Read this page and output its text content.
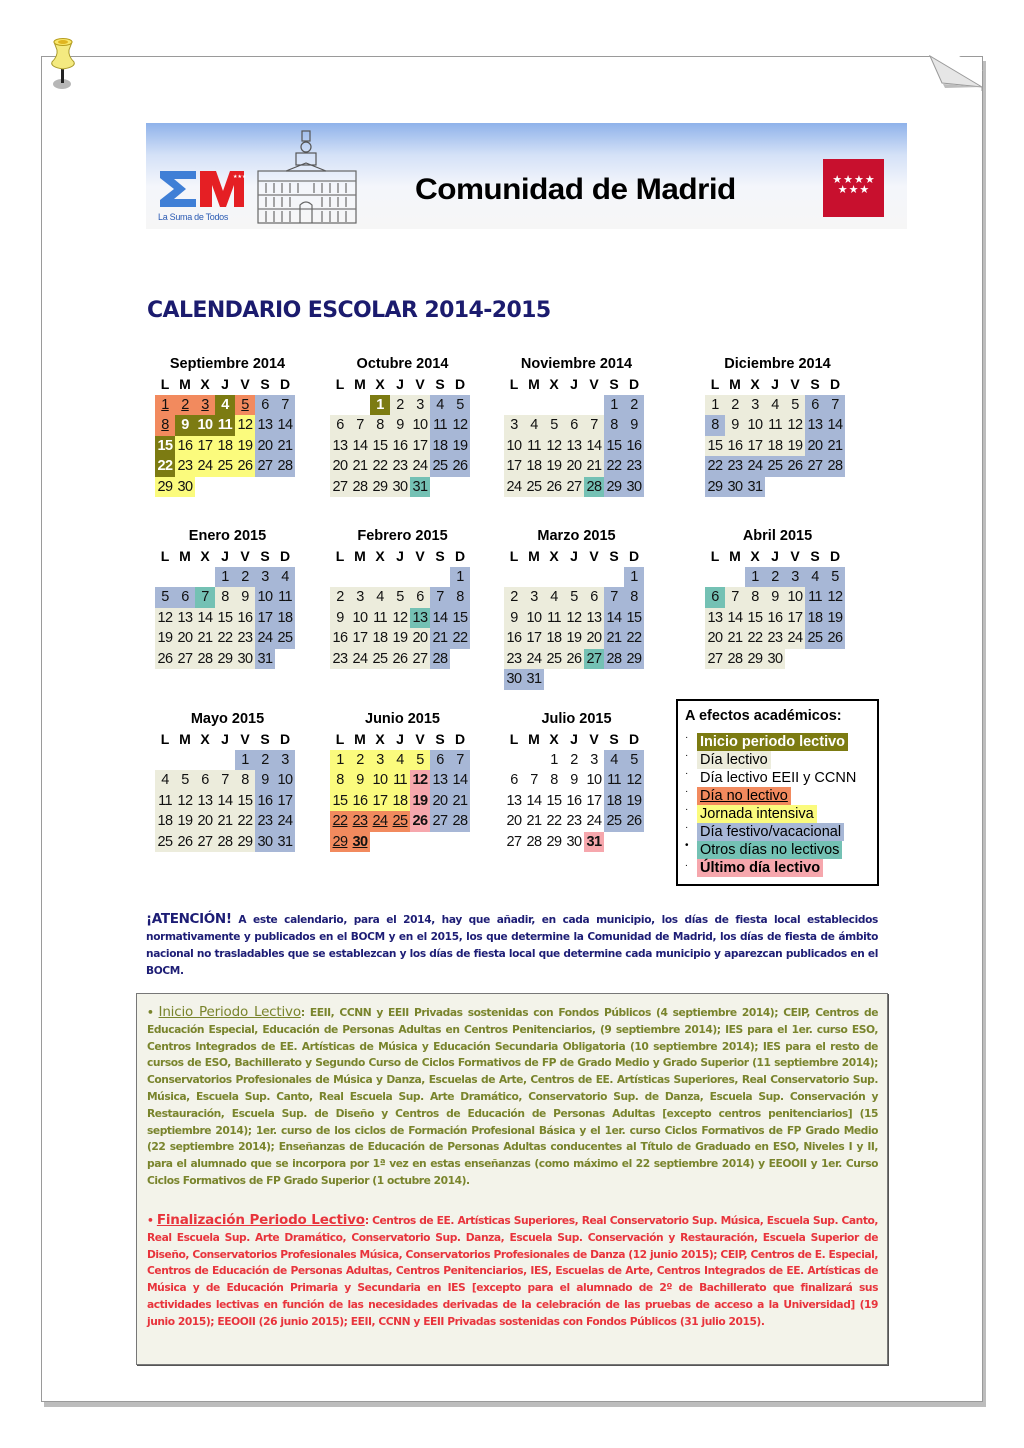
★★★
La Suma de Todos
Comunidad de Madrid	★★★★
★★★
CALENDARIO ESCOLAR 2014-2015
Septiembre 2014
L M X J V S D
1 2 3 4 5 6 7
8 9 10 11 12 13 14
15 16 17 18 19 20 21
22 23 24 25 26 27 28
29 30
Octubre 2014
L M X J V S D
1 2 3 4 5
6 7 8 9 10 11 12
13 14 15 16 17 18 19
20 21 22 23 24 25 26
27 28 29 30 31
Noviembre 2014
L M X J V S D
1 2
3 4 5 6 7 8 9
10 11 12 13 14 15 16
17 18 19 20 21 22 23
24 25 26 27 28 29 30
Diciembre 2014
L M X J V S D
1 2 3 4 5 6 7
8 9 10 11 12 13 14
15 16 17 18 19 20 21
22 23 24 25 26 27 28
29 30 31
Enero 2015
L M X J V S D
1 2 3 4
5 6 7 8 9 10 11
12 13 14 15 16 17 18
19 20 21 22 23 24 25
26 27 28 29 30 31
Febrero 2015
L M X J V S D
1
2 3 4 5 6 7 8
9 10 11 12 13 14 15
16 17 18 19 20 21 22
23 24 25 26 27 28
Marzo 2015
L M X J V S D
1
2 3 4 5 6 7 8
9 10 11 12 13 14 15
16 17 18 19 20 21 22
23 24 25 26 27 28 29
30 31
Abril 2015
L M X J V S D
1 2 3 4 5
6 7 8 9 10 11 12
13 14 15 16 17 18 19
20 21 22 23 24 25 26
27 28 29 30
Mayo 2015
L M X J V S D
1 2 3
4 5 6 7 8 9 10
11 12 13 14 15 16 17
18 19 20 21 22 23 24
25 26 27 28 29 30 31
Junio 2015
L M X J V S D
1 2 3 4 5 6 7
8 9 10 11 12 13 14
15 16 17 18 19 20 21
22 23 24 25 26 27 28
29 30
Julio 2015
L M X J V S D
1 2 3 4 5
6 7 8 9 10 11 12
13 14 15 16 17 18 19
20 21 22 23 24 25 26
27 28 29 30 31
A efectos académicos:
· Inicio periodo lectivo
· Día lectivo
· Día lectivo EEII y CCNN
· Día no lectivo
· Jornada intensiva
· Día festivo/vacacional
• Otros días no lectivos
. Último día lectivo
¡ATENCIÓN! A este calendario, para el 2014, hay que añadir, en cada municipio, los días de fiesta local establecidos normativamente y publicados en el BOCM y en el 2015, los que determine la Comunidad de Madrid, los días de fiesta de ámbito nacional no trasladables que se establezcan y los días de fiesta local que determine cada municipio y aparezcan publicados en el BOCM.
• Inicio Periodo Lectivo: EEII, CCNN y EEII Privadas sostenidas con Fondos Públicos (4 septiembre 2014); CEIP, Centros de Educación Especial, Educación de Personas Adultas en Centros Penitenciarios, (9 septiembre 2014); IES para el 1er. curso ESO, Centros Integrados de EE. Artísticas de Música y Educación Secundaria Obligatoria (10 septiembre 2014); IES para el resto de cursos de ESO, Bachillerato y Segundo Curso de Ciclos Formativos de FP de Grado Medio y Grado Superior (11 septiembre 2014); Conservatorios Profesionales de Música y Danza, Escuelas de Arte, Centros de EE. Artísticas Superiores, Real Conservatorio Sup. Música, Escuela Sup. Canto, Real Escuela Sup. Arte Dramático, Conservatorio Sup. de Danza, Escuela Sup. Conservación y Restauración, Escuela Sup. de Diseño y Centros de Educación de Personas Adultas [excepto centros penitenciarios] (15 septiembre 2014); 1er. curso de los ciclos de Formación Profesional Básica y el 1er. curso Ciclos Formativos de FP Grado Medio (22 septiembre 2014); Enseñanzas de Educación de Personas Adultas conducentes al Título de Graduado en ESO, Niveles I y II, para el alumnado que se incorpora por 1ª vez en estas enseñanzas (como máximo el 22 septiembre 2014) y EEOOII y 1er. Curso Ciclos Formativos de FP Grado Superior (1 octubre 2014).
• Finalización Periodo Lectivo: Centros de EE. Artísticas Superiores, Real Conservatorio Sup. Música, Escuela Sup. Canto, Real Escuela Sup. Arte Dramático, Conservatorio Sup. Danza, Escuela Sup. Conservación y Restauración, Escuela Superior de Diseño, Conservatorios Profesionales Música, Conservatorios Profesionales de Danza (12 junio 2015); CEIP, Centros de E. Especial, Centros de Educación de Personas Adultas, Centros Penitenciarios, IES, Escuelas de Arte, Centros Integrados de EE. Artísticas de Música y de Educación Primaria y Secundaria en IES [excepto para el alumnado de 2º de Bachillerato que finalizará sus actividades lectivas en función de las necesidades derivadas de la celebración de las pruebas de acceso a la Universidad] (19 junio 2015); EEOOII (26 junio 2015); EEII, CCNN y EEII Privadas sostenidas con Fondos Públicos (31 julio 2015).
